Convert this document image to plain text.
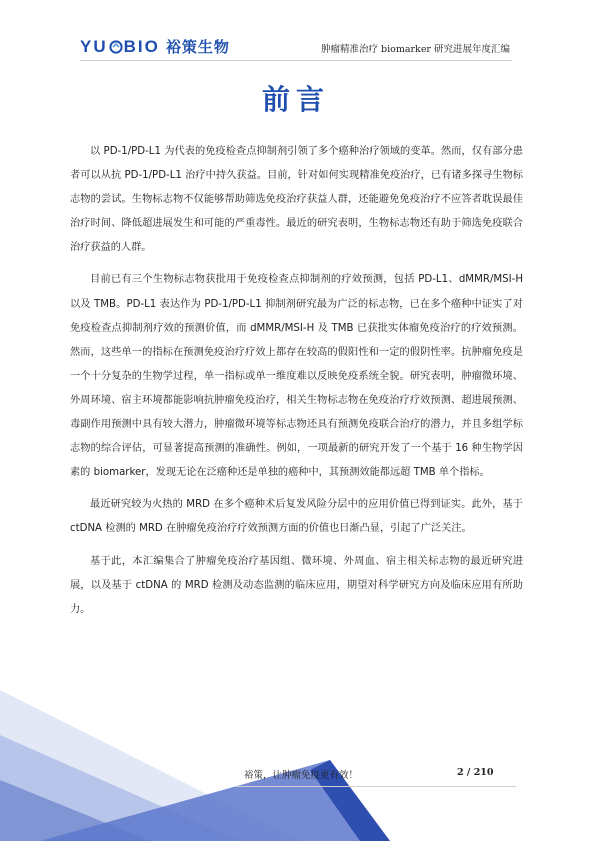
YU BIO 裕策生物	肿瘤精准治疗 biomarker 研究进展年度汇编
前言

以 PD-1/PD-L1 为代表的免疫检查点抑制剂引领了多个癌种治疗领域的变革。然而，仅有部分患者可以从抗 PD-1/PD-L1 治疗中持久获益。目前，针对如何实现精准免疫治疗，已有诸多探寻生物标志物的尝试。生物标志物不仅能够帮助筛选免疫治疗获益人群，还能避免免疫治疗不应答者耽误最佳治疗时间、降低超进展发生和可能的严重毒性。最近的研究表明，生物标志物还有助于筛选免疫联合治疗获益的人群。

目前已有三个生物标志物获批用于免疫检查点抑制剂的疗效预测，包括 PD-L1、dMMR/MSI-H 以及 TMB。PD-L1 表达作为 PD-1/PD-L1 抑制剂研究最为广泛的标志物，已在多个癌种中证实了对免疫检查点抑制剂疗效的预测价值，而 dMMR/MSI-H 及 TMB 已获批实体瘤免疫治疗的疗效预测。然而，这些单一的指标在预测免疫治疗疗效上都存在较高的假阳性和一定的假阴性率。抗肿瘤免疫是一个十分复杂的生物学过程，单一指标或单一维度难以反映免疫系统全貌。研究表明，肿瘤微环境、外周环境、宿主环境都能影响抗肿瘤免疫治疗，相关生物标志物在免疫治疗疗效预测、超进展预测、毒副作用预测中具有较大潜力，肿瘤微环境等标志物还具有预测免疫联合治疗的潜力，并且多组学标志物的综合评估，可显著提高预测的准确性。例如，一项最新的研究开发了一个基于 16 种生物学因素的 biomarker，发现无论在泛癌种还是单独的癌种中，其预测效能都远超 TMB 单个指标。

最近研究较为火热的 MRD 在多个癌种术后复发风险分层中的应用价值已得到证实。此外，基于 ctDNA 检测的 MRD 在肿瘤免疫治疗疗效预测方面的价值也日渐凸显，引起了广泛关注。

基于此，本汇编集合了肿瘤免疫治疗基因组、微环境、外周血、宿主相关标志物的最近研究进展，以及基于 ctDNA 的 MRD 检测及动态监测的临床应用，期望对科学研究方向及临床应用有所助力。

裕策，让肿瘤免疫更有效！	2 / 210
